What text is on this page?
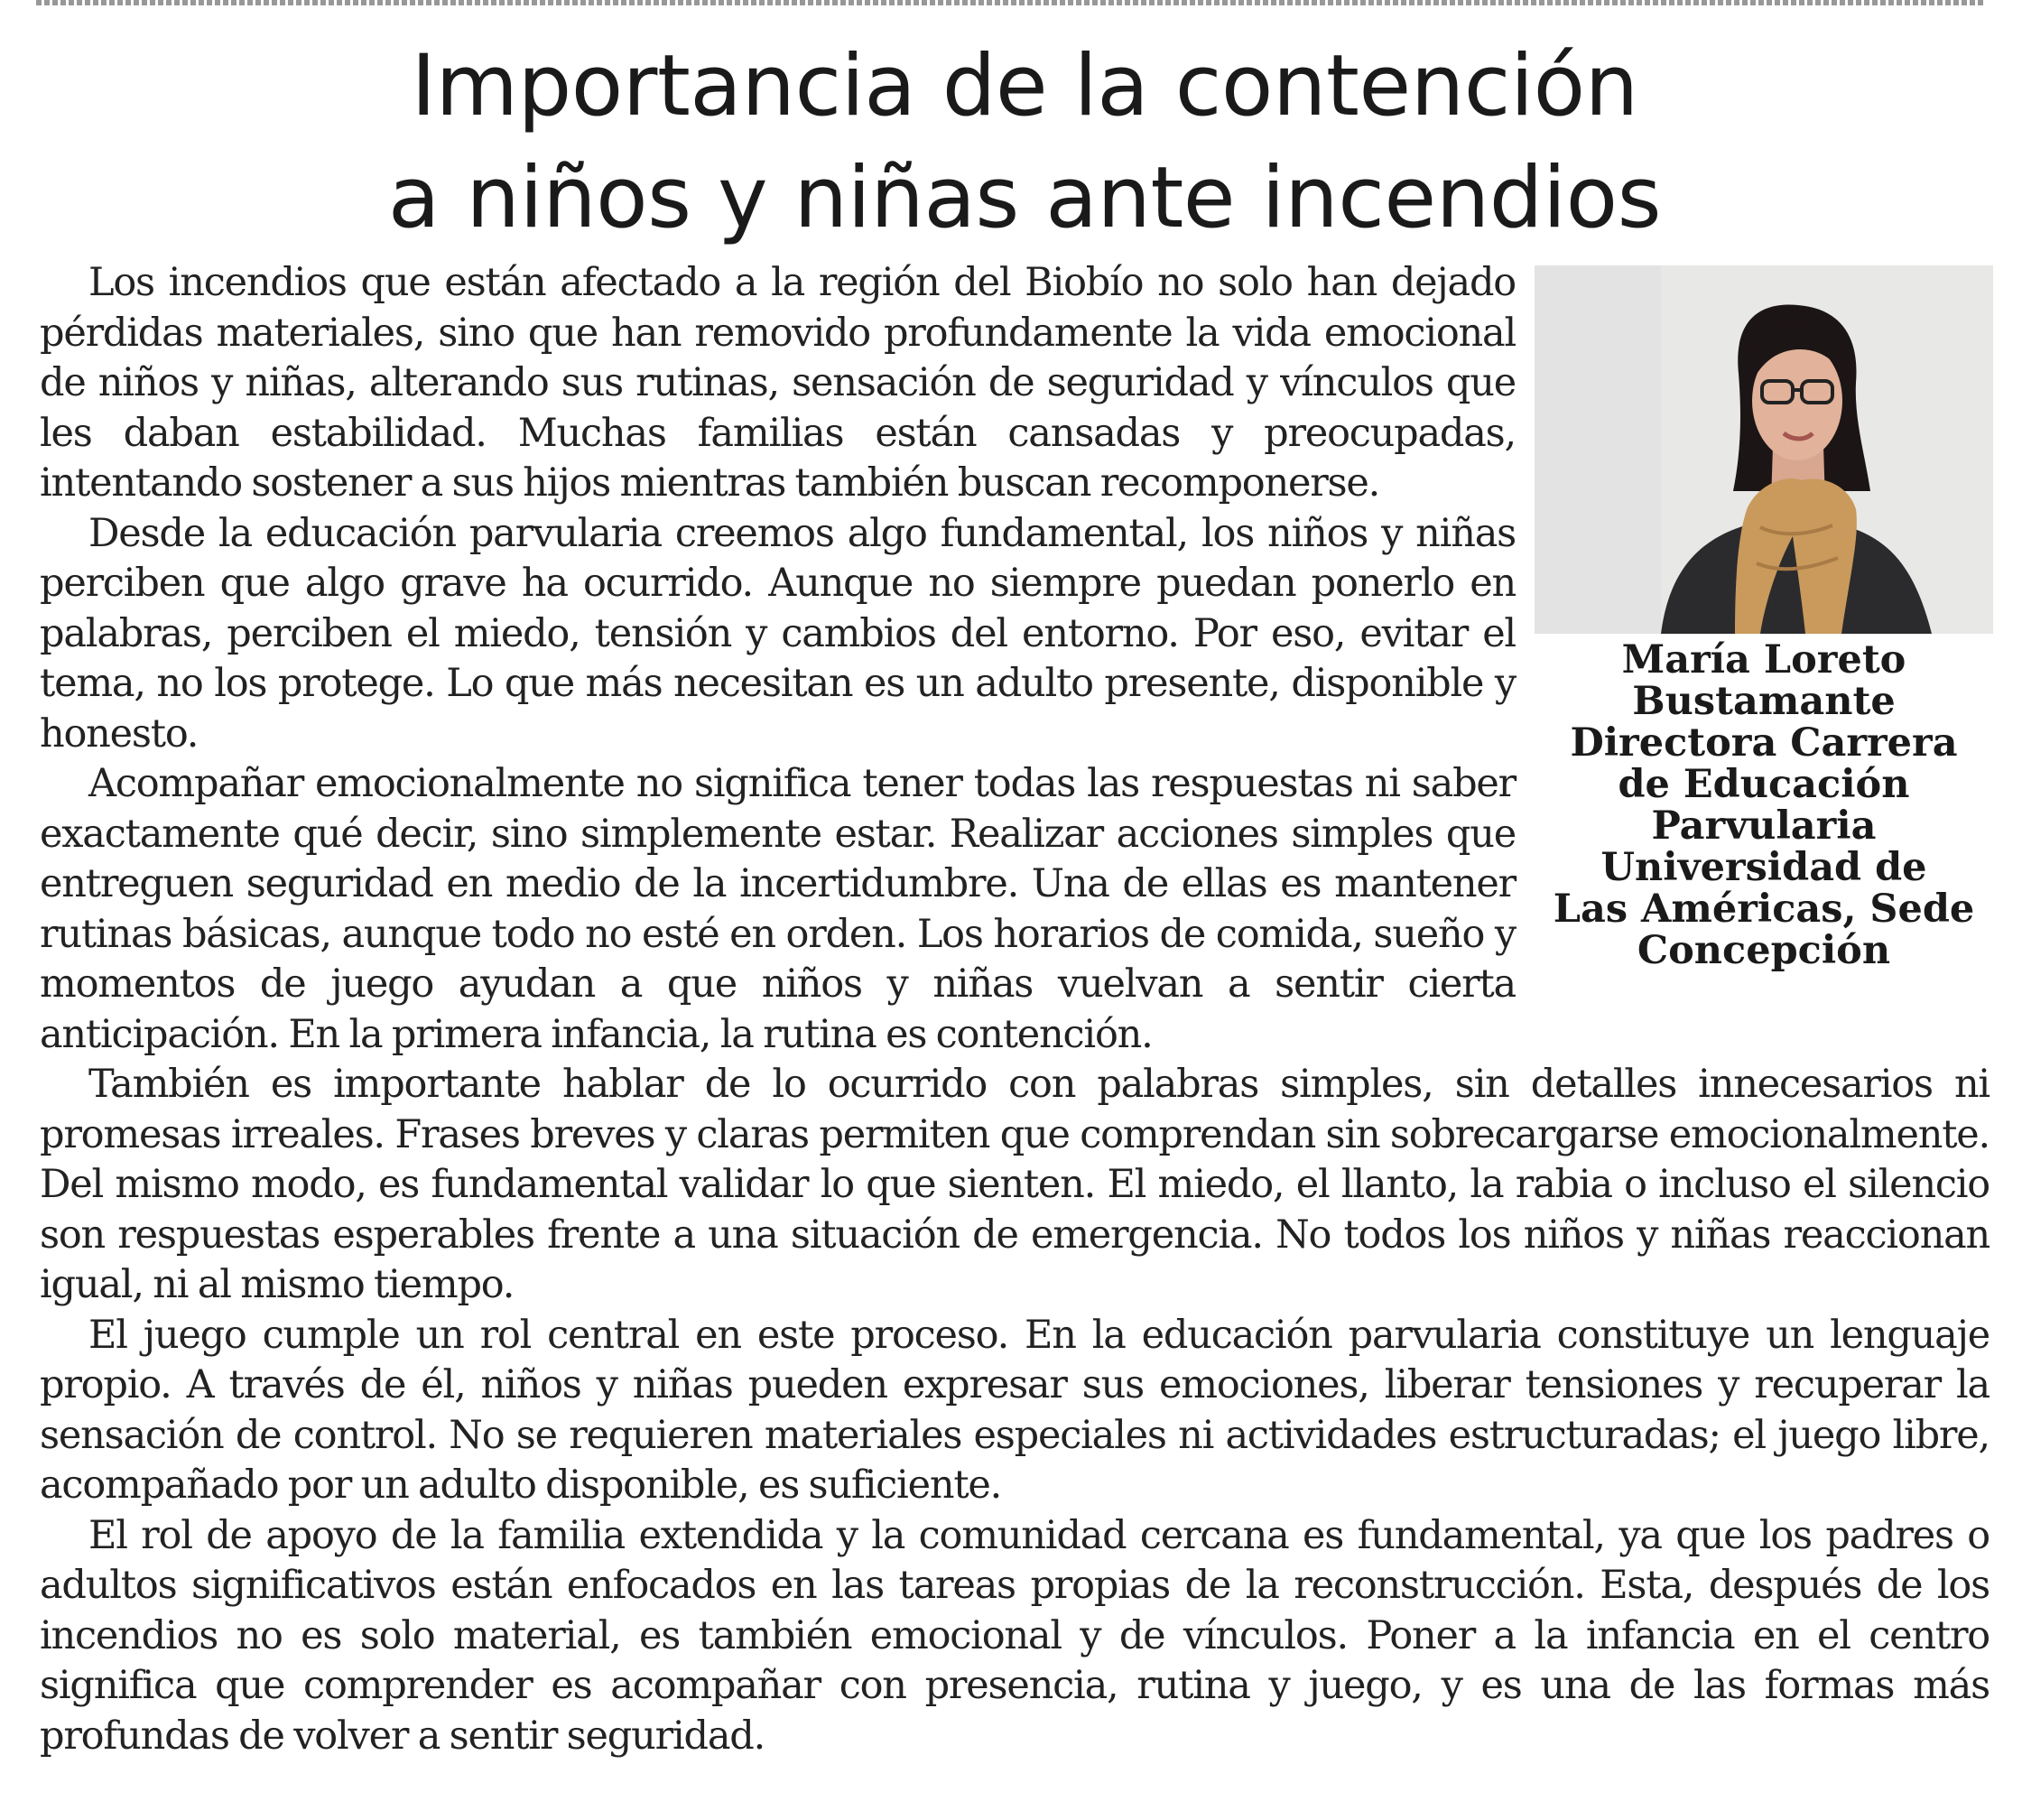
Importancia de la contención
a niños y niñas ante incendios
María Loreto
Bustamante
Directora Carrera
de Educación
Parvularia
Universidad de
Las Américas, Sede
Concepción

Los incendios que están afectado a la región del Biobío no solo han dejado pérdidas materiales, sino que han removido profundamente la vida emocional de niños y niñas, alterando sus rutinas, sensación de seguridad y vínculos que les daban estabilidad. Muchas familias están cansadas y preocupadas, intentando sostener a sus hijos mientras también buscan recomponerse.

Desde la educación parvularia creemos algo fundamental, los niños y niñas perciben que algo grave ha ocurrido. Aunque no siempre puedan ponerlo en palabras, perciben el miedo, tensión y cambios del entorno. Por eso, evitar el tema, no los protege. Lo que más necesitan es un adulto presente, disponible y honesto.

Acompañar emocionalmente no significa tener todas las respuestas ni saber exactamente qué decir, sino simplemente estar. Realizar acciones simples que entreguen seguridad en medio de la incertidumbre. Una de ellas es mantener rutinas básicas, aunque todo no esté en orden. Los horarios de comida, sueño y momentos de juego ayudan a que niños y niñas vuelvan a sentir cierta anticipación. En la primera infancia, la rutina es contención.

También es importante hablar de lo ocurrido con palabras simples, sin detalles innecesarios ni promesas irreales. Frases breves y claras permiten que comprendan sin sobrecargarse emocionalmente. Del mismo modo, es fundamental validar lo que sienten. El miedo, el llanto, la rabia o incluso el silencio son respuestas esperables frente a una situación de emergencia. No todos los niños y niñas reaccionan igual, ni al mismo tiempo.

El juego cumple un rol central en este proceso. En la educación parvularia constituye un lenguaje propio. A través de él, niños y niñas pueden expresar sus emociones, liberar tensiones y recuperar la sensación de control. No se requieren materiales especiales ni actividades estructuradas; el juego libre, acompañado por un adulto disponible, es suficiente.

El rol de apoyo de la familia extendida y la comunidad cercana es fundamental, ya que los padres o adultos significativos están enfocados en las tareas propias de la reconstrucción. Esta, después de los incendios no es solo material, es también emocional y de vínculos. Poner a la infancia en el centro significa que comprender es acompañar con presencia, rutina y juego, y es una de las formas más profundas de volver a sentir seguridad.
